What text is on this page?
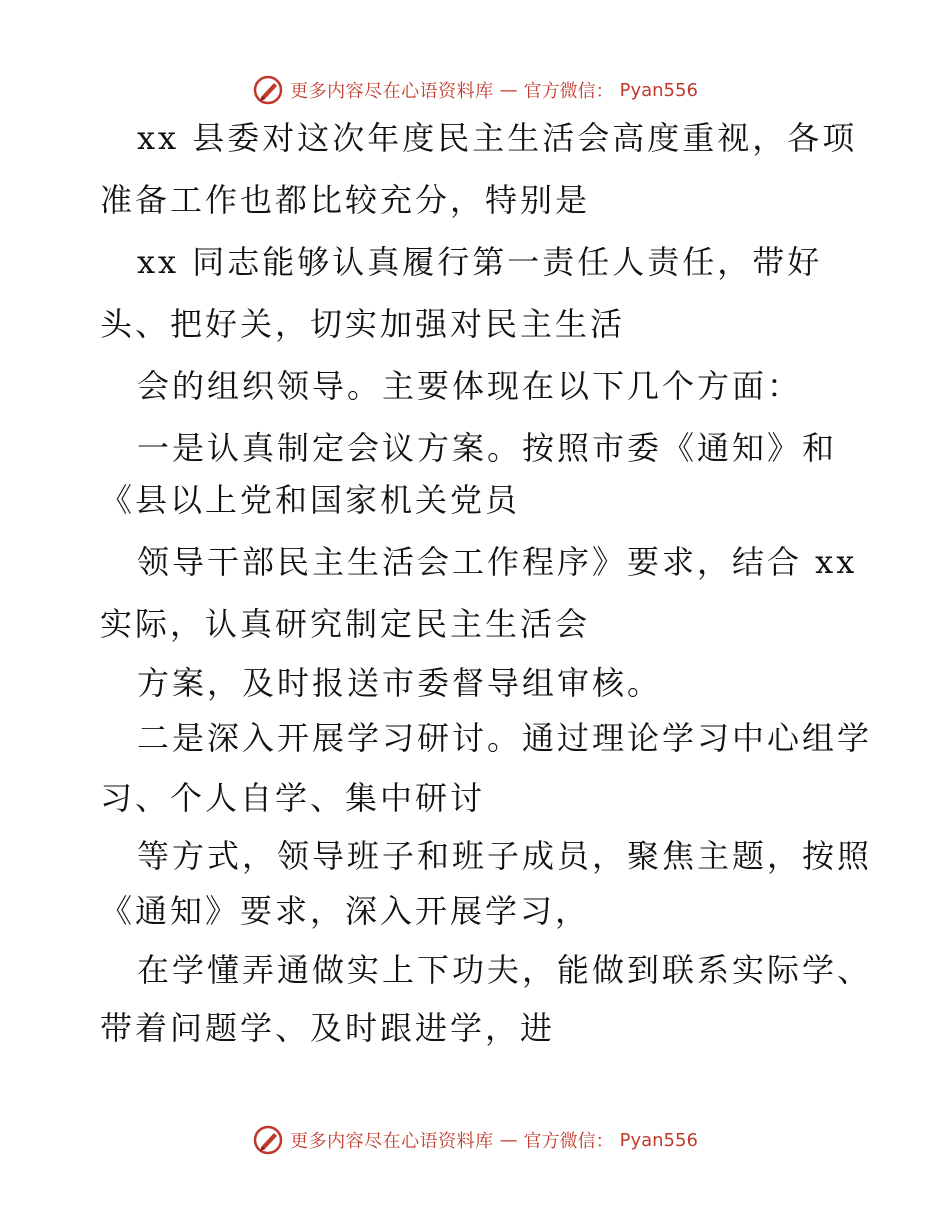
更多内容尽在心语资料库 — 官方微信： Pyan556
xx 县委对这次年度民主生活会高度重视，各项
准备工作也都比较充分，特别是
xx 同志能够认真履行第一责任人责任，带好
头、把好关，切实加强对民主生活
会的组织领导。主要体现在以下几个方面：
一是认真制定会议方案。按照市委《通知》和
《县以上党和国家机关党员
领导干部民主生活会工作程序》要求，结合 xx
实际，认真研究制定民主生活会
方案，及时报送市委督导组审核。
二是深入开展学习研讨。通过理论学习中心组学
习、个人自学、集中研讨
等方式，领导班子和班子成员，聚焦主题，按照
《通知》要求，深入开展学习，
在学懂弄通做实上下功夫，能做到联系实际学、
带着问题学、及时跟进学，进
更多内容尽在心语资料库 — 官方微信： Pyan556
